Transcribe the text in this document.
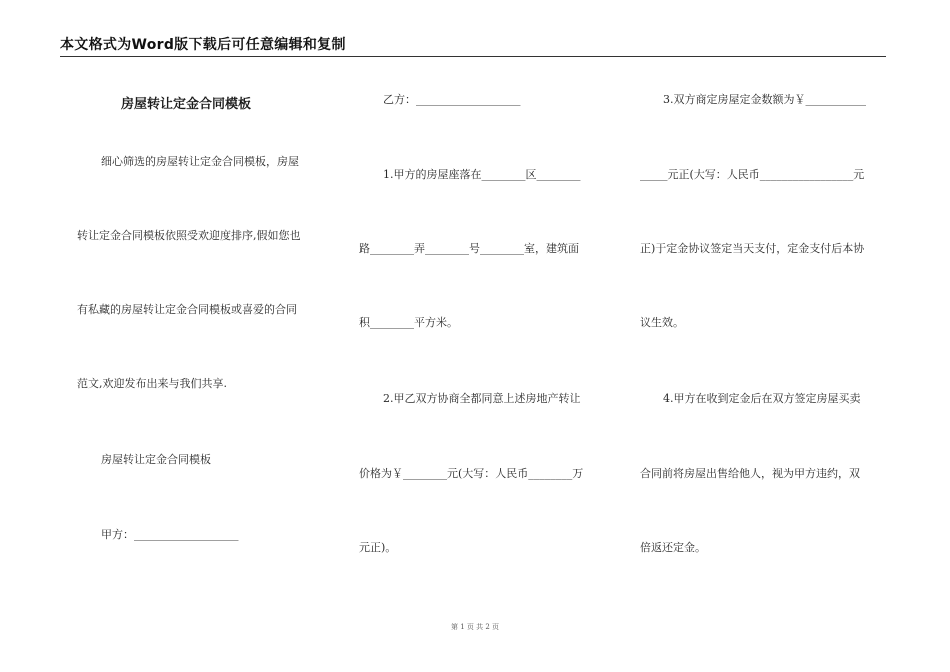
本文格式为Word版下载后可任意编辑和复制
房屋转让定金合同模板
细心筛选的房屋转让定金合同模板，房屋
转让定金合同模板依照受欢迎度排序,假如您也
有私藏的房屋转让定金合同模板或喜爱的合同
范文,欢迎发布出来与我们共享.
房屋转让定金合同模板
甲方：___________________
乙方：___________________
1.甲方的房屋座落在________区________
路________弄________号________室，建筑面
积________平方米。
2.甲乙双方协商全都同意上述房地产转让
价格为￥________元(大写：人民币________万
元正)。
3.双方商定房屋定金数额为￥___________
_____元正(大写：人民币_________________元
正)于定金协议签定当天支付，定金支付后本协
议生效。
4.甲方在收到定金后在双方签定房屋买卖
合同前将房屋出售给他人，视为甲方违约，双
倍返还定金。
第 1 页 共 2 页
